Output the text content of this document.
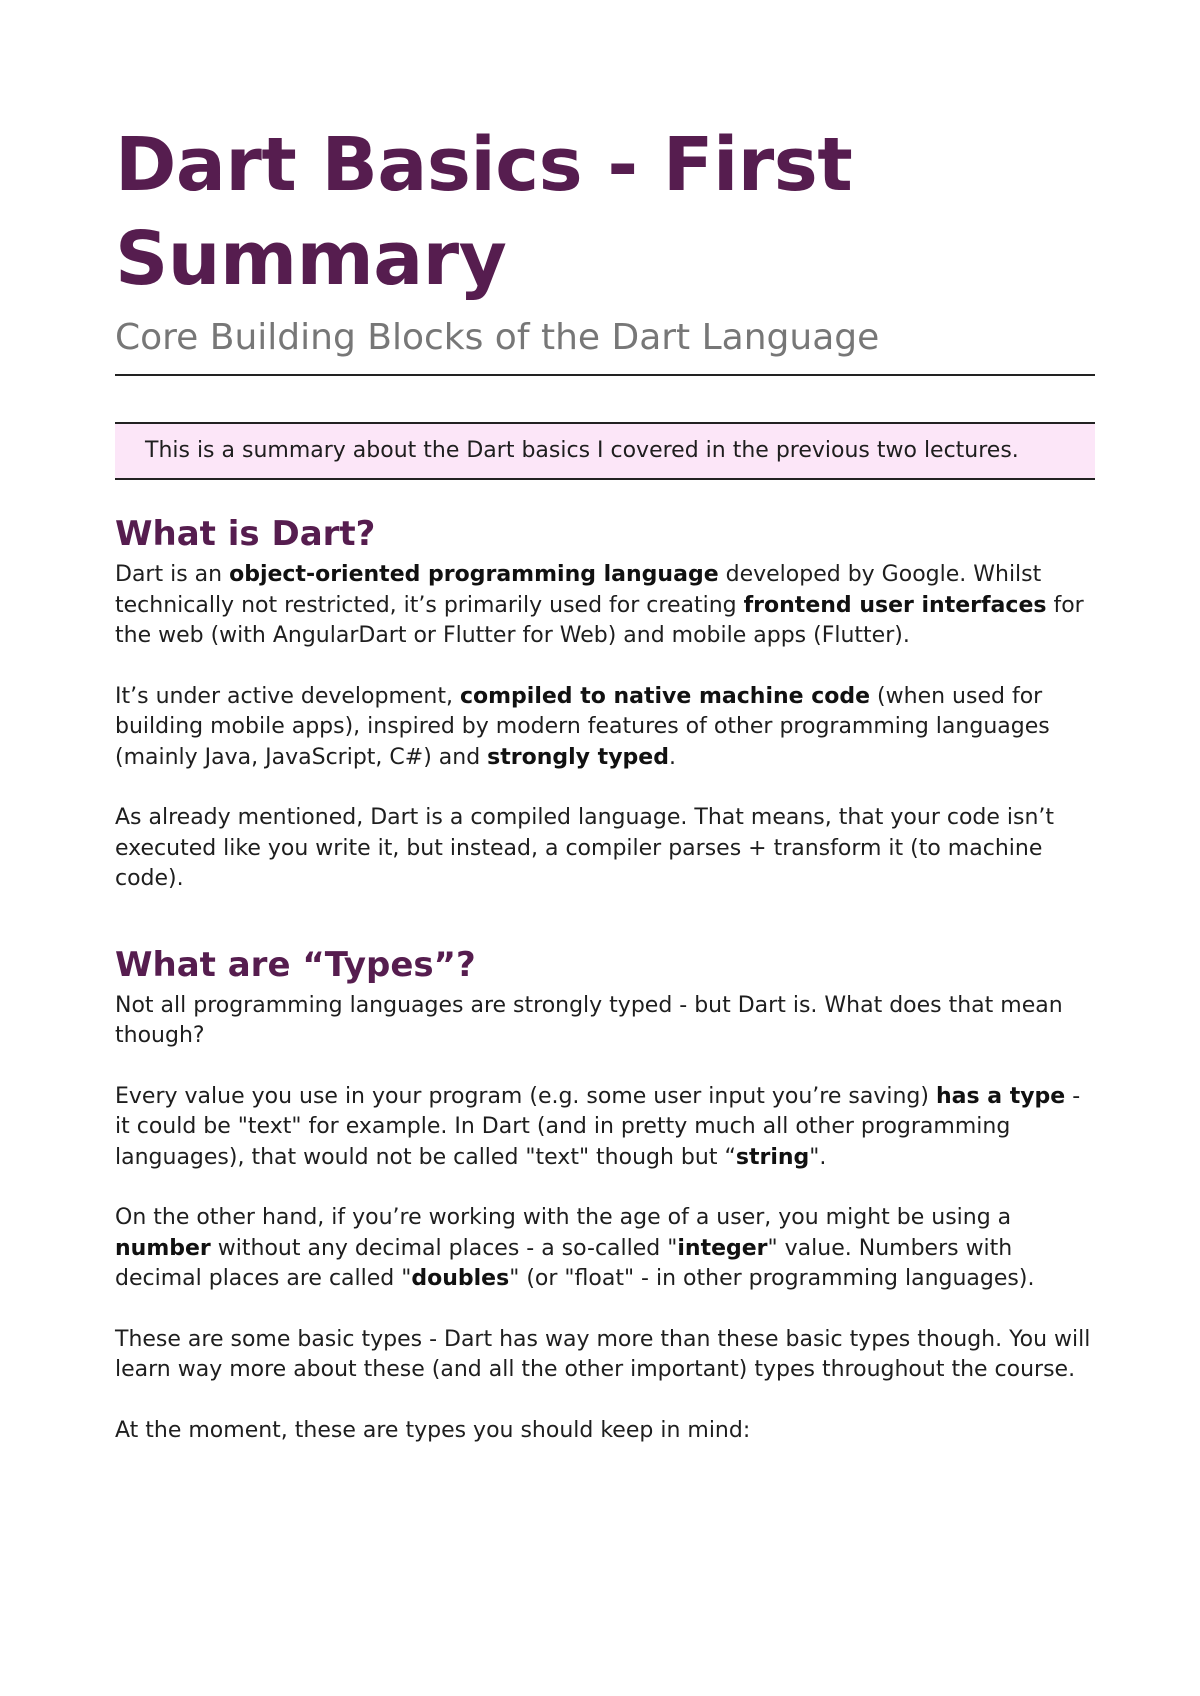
Dart Basics - First Summary
Core Building Blocks of the Dart Language
This is a summary about the Dart basics I covered in the previous two lectures.
What is Dart?

Dart is an object-oriented programming language developed by Google. Whilst technically not restricted, it’s primarily used for creating frontend user interfaces for the web (with AngularDart or Flutter for Web) and mobile apps (Flutter).

It’s under active development, compiled to native machine code (when used for building mobile apps), inspired by modern features of other programming languages (mainly Java, JavaScript, C#) and strongly typed.

As already mentioned, Dart is a compiled language. That means, that your code isn’t executed like you write it, but instead, a compiler parses + transform it (to machine code).

What are “Types”?

Not all programming languages are strongly typed - but Dart is. What does that mean though?

Every value you use in your program (e.g. some user input you’re saving) has a type - it could be "text" for example. In Dart (and in pretty much all other programming languages), that would not be called "text" though but “string".

On the other hand, if you’re working with the age of a user, you might be using a number without any decimal places - a so-called "integer" value. Numbers with decimal places are called "doubles" (or "float" - in other programming languages).

These are some basic types - Dart has way more than these basic types though. You will learn way more about these (and all the other important) types throughout the course.

At the moment, these are types you should keep in mind:
